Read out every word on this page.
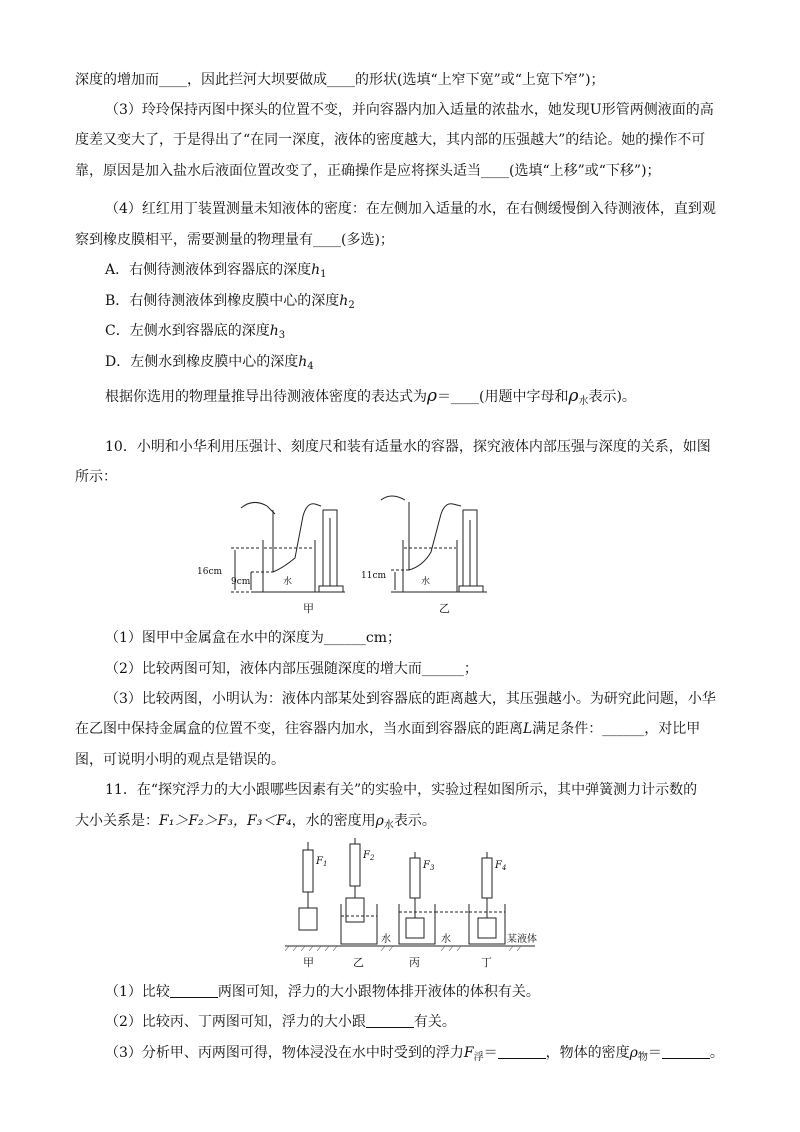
深度的增加而____，因此拦河大坝要做成____的形状(选填“上窄下宽”或“上宽下窄”)；
（3）玲玲保持丙图中探头的位置不变，并向容器内加入适量的浓盐水，她发现U形管两侧液面的高
度差又变大了，于是得出了“在同一深度，液体的密度越大，其内部的压强越大”的结论。她的操作不可
靠，原因是加入盐水后液面位置改变了，正确操作是应将探头适当____(选填“上移”或“下移”)；
（4）红红用丁装置测量未知液体的密度：在左侧加入适量的水，在右侧缓慢倒入待测液体，直到观
察到橡皮膜相平，需要测量的物理量有____(多选)；
A．右侧待测液体到容器底的深度$h_1$
B．右侧待测液体到橡皮膜中心的深度$h_2$
C．左侧水到容器底的深度$h_3$
D．左侧水到橡皮膜中心的深度$h_4$
根据你选用的物理量推导出待测液体密度的表达式为ρ＝____(用题中字母和$\rho_水$表示)。
10．小明和小华利用压强计、刻度尺和装有适量水的容器，探究液体内部压强与深度的关系，如图
所示：
16cm
9cm	水
11cm
水
甲	乙
（1）图甲中金属盒在水中的深度为______cm；
（2）比较两图可知，液体内部压强随深度的增大而______；
（3）比较两图，小明认为：液体内部某处到容器底的距离越大，其压强越小。为研究此问题，小华
在乙图中保持金属盒的位置不变，往容器内加水，当水面到容器底的距离L满足条件：______，对比甲
图，可说明小明的观点是错误的。
11．在“探究浮力的大小跟哪些因素有关”的实验中，实验过程如图所示，其中弹簧测力计示数的
大小关系是：F₁＞F₂＞F₃，F₃＜F₄，水的密度用$\rho_水$表示。
$F_1$
$F_2$
$F_3$	$F_4$
水	水	某液体
甲	乙	丙	丁
（1）比较	两图可知，浮力的大小跟物体排开液体的体积有关。
（2）比较丙、丁两图可知，浮力的大小跟	有关。
（3）分析甲、丙两图可得，物体浸没在水中时受到的浮力$F_浮=$	，物体的密度$\rho_物=$	。
